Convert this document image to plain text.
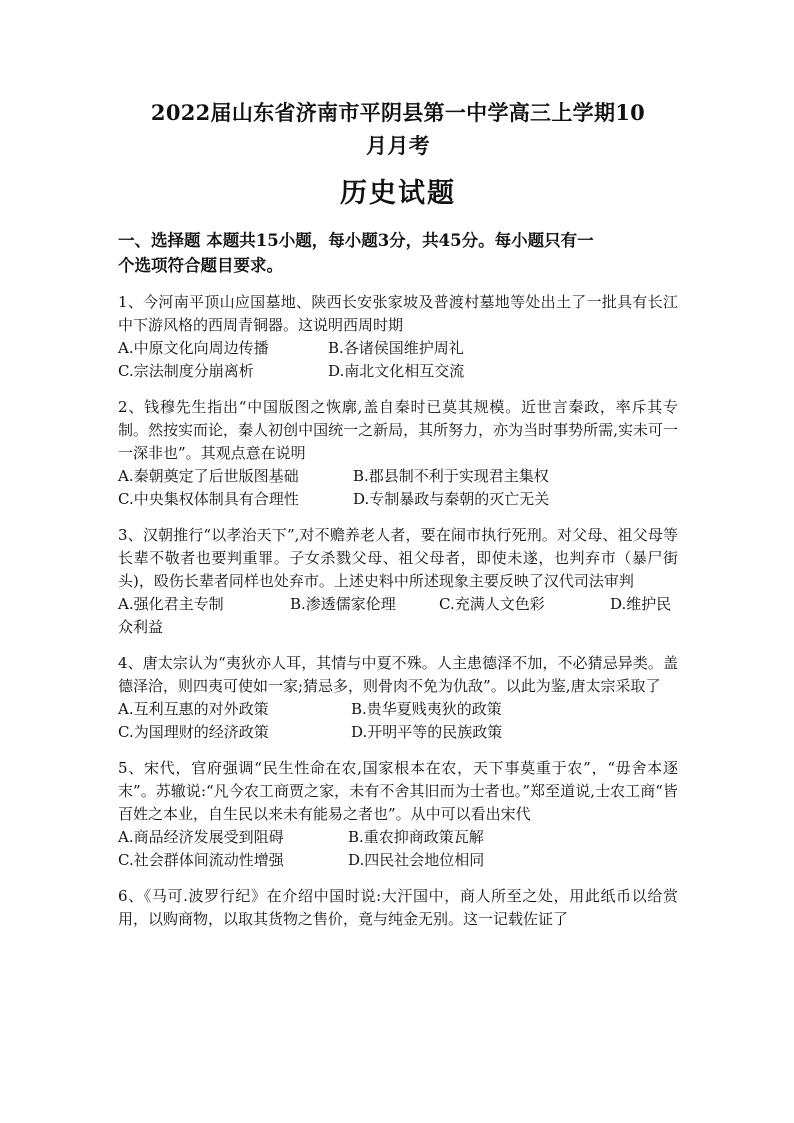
2022届山东省济南市平阴县第一中学高三上学期10
月月考
历史试题
一、选择题 本题共15小题，每小题3分，共45分。每小题只有一
个选项符合题目要求。
1、今河南平顶山应国墓地、陕西长安张家坡及普渡村墓地等处出土了一批具有长江中下游风格的西周青铜器。这说明西周时期
A.中原文化向周边传播	B.各诸侯国维护周礼
C.宗法制度分崩离析	D.南北文化相互交流
2、钱穆先生指出“中国版图之恢廓,盖自秦时已莫其规模。近世言秦政，率斥其专制。然按实而论，秦人初创中国统一之新局，其所努力，亦为当时事势所需,实未可一一深非也”。其观点意在说明
A.秦朝奠定了后世版图基础	B.郡县制不利于实现君主集权
C.中央集权体制具有合理性	D.专制暴政与秦朝的灭亡无关
3、汉朝推行“以孝治天下”,对不赡养老人者，要在闹市执行死刑。对父母、祖父母等长辈不敬者也要判重罪。子女杀戮父母、祖父母者，即使未遂，也判弃市（暴尸街头)，殴伤长辈者同样也处弃市。上述史料中所述现象主要反映了汉代司法审判
A.强化君主专制	B.渗透儒家伦理	C.充满人文色彩	D.维护民
众利益
4、唐太宗认为“夷狄亦人耳，其情与中夏不殊。人主患德泽不加，不必猜忌异类。盖德泽洽，则四夷可使如一家;猜忌多，则骨肉不免为仇敌”。以此为鉴,唐太宗采取了
A.互利互惠的对外政策	B.贵华夏贱夷狄的政策
C.为国理财的经济政策	D.开明平等的民族政策
5、宋代，官府强调“民生性命在农,国家根本在农，天下事莫重于农”，“毋舍本逐末”。苏辙说:“凡今农工商贾之家，未有不舍其旧而为士者也。”郑至道说,士农工商“皆百姓之本业，自生民以来未有能易之者也”。从中可以看出宋代
A.商品经济发展受到阻碍	B.重农抑商政策瓦解
C.社会群体间流动性增强	D.四民社会地位相同
6、《马可.波罗行纪》在介绍中国时说:大汗国中，商人所至之处，用此纸币以给赏用，以购商物，以取其货物之售价，竟与纯金无别。这一记载佐证了
